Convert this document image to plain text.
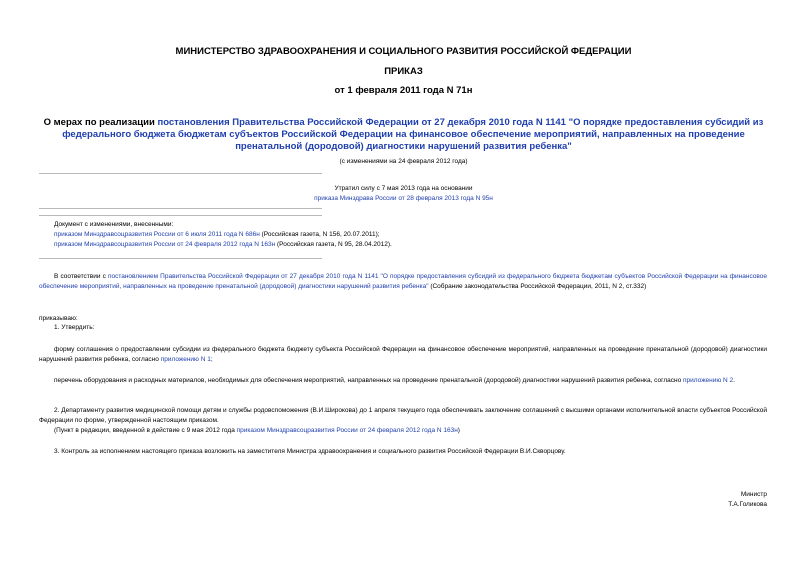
МИНИСТЕРСТВО ЗДРАВООХРАНЕНИЯ И СОЦИАЛЬНОГО РАЗВИТИЯ РОССИЙСКОЙ ФЕДЕРАЦИИ
ПРИКАЗ
от 1 февраля 2011 года N 71н
О мерах по реализации постановления Правительства Российской Федерации от 27 декабря 2010 года N 1141 "О порядке предоставления субсидий из федерального бюджета бюджетам субъектов Российской Федерации на финансовое обеспечение мероприятий, направленных на проведение пренатальной (дородовой) диагностики нарушений развития ребенка"
(с изменениями на 24 февраля 2012 года)
Утратил силу с 7 мая 2013 года на основании
приказа Минздрава России от 28 февраля 2013 года N 95н
Документ с изменениями, внесенными:
приказом Минздравсоцразвития России от 6 июля 2011 года N 686н (Российская газета, N 156, 20.07.2011);
приказом Минздравсоцразвития России от 24 февраля 2012 года N 163н (Российская газета, N 95, 28.04.2012).
В соответствии с постановлением Правительства Российской Федерации от 27 декабря 2010 года N 1141 "О порядке предоставления субсидий из федерального бюджета бюджетам субъектов Российской Федерации на финансовое обеспечение мероприятий, направленных на проведение пренатальной (дородовой) диагностики нарушений развития ребенка" (Собрание законодательства Российской Федерации, 2011, N 2, ст.332)
приказываю:
1. Утвердить:
форму соглашения о предоставлении субсидии из федерального бюджета бюджету субъекта Российской Федерации на финансовое обеспечение мероприятий, направленных на проведение пренатальной (дородовой) диагностики нарушений развития ребенка, согласно приложению N 1;
перечень оборудования и расходных материалов, необходимых для обеспечения мероприятий, направленных на проведение пренатальной (дородовой) диагностики нарушений развития ребенка, согласно приложению N 2.
2. Департаменту развития медицинской помощи детям и службы родовспоможения (В.И.Широкова) до 1 апреля текущего года обеспечивать заключение соглашений с высшими органами исполнительной власти субъектов Российской Федерации по форме, утвержденной настоящим приказом.
(Пункт в редакции, введенной в действие с 9 мая 2012 года приказом Минздравсоцразвития России от 24 февраля 2012 года N 163н)
3. Контроль за исполнением настоящего приказа возложить на заместителя Министра здравоохранения и социального развития Российской Федерации В.И.Скворцову.
Министр
Т.А.Голикова
